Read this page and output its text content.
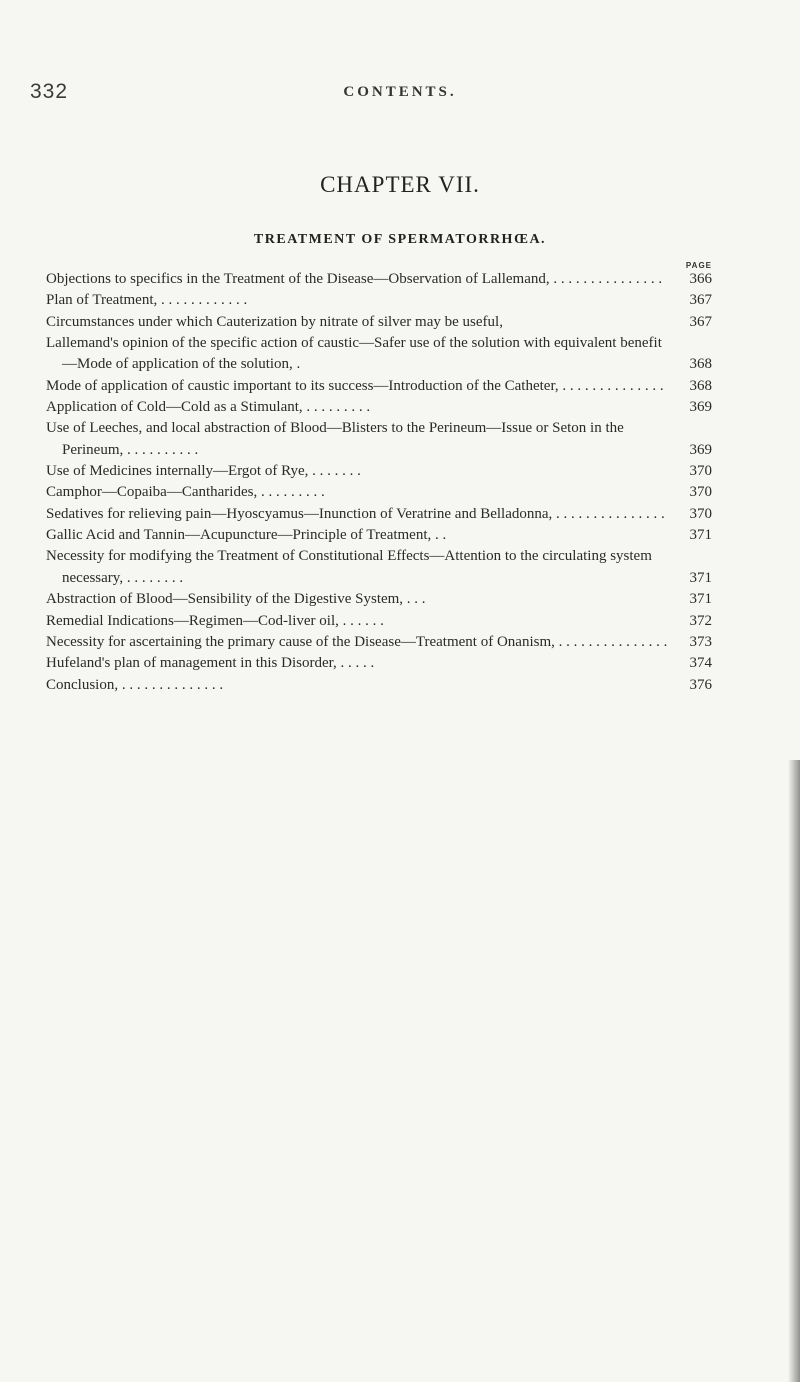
332	CONTENTS.
CHAPTER VII.
TREATMENT OF SPERMATORRHŒA.
PAGE
Objections to specifics in the Treatment of the Disease—Observation of Lallemand, . . . . . . . . . . . . . . . 366
Plan of Treatment, . . . . . . . . . . . .	367
Circumstances under which Cauterization by nitrate of silver may be useful,	367
Lallemand's opinion of the specific action of caustic—Safer use of the solution with equivalent benefit—Mode of application of the solution, .	368
Mode of application of caustic important to its success—Introduction of the Catheter, . . . . . . . . . . . . . . 368
Application of Cold—Cold as a Stimulant, . . . . . . . . .	369
Use of Leeches, and local abstraction of Blood—Blisters to the Perineum—Issue or Seton in the Perineum, . . . . . . . . . .	369
Use of Medicines internally—Ergot of Rye, . . . . . . .	370
Camphor—Copaiba—Cantharides, . . . . . . . . .	370
Sedatives for relieving pain—Hyoscyamus—Inunction of Veratrine and Belladonna, . . . . . . . . . . . . . . . 370
Gallic Acid and Tannin—Acupuncture—Principle of Treatment, . .	371
Necessity for modifying the Treatment of Constitutional Effects—Attention to the circulating system necessary, . . . . . . . .	371
Abstraction of Blood—Sensibility of the Digestive System, . . .	371
Remedial Indications—Regimen—Cod-liver oil, . . . . . .	372
Necessity for ascertaining the primary cause of the Disease—Treatment of Onanism, . . . . . . . . . . . . . . . 373
Hufeland's plan of management in this Disorder, . . . . .	374
Conclusion, . . . . . . . . . . . . . .	376
